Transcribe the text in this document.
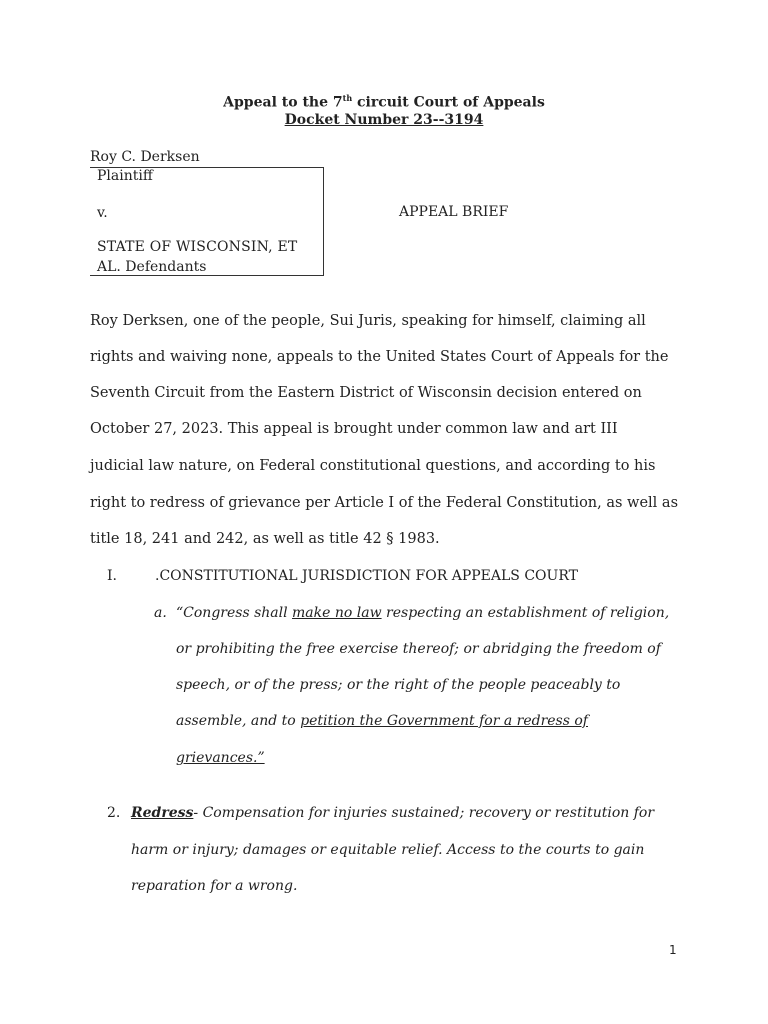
Appeal to the 7th circuit Court of Appeals
Docket Number 23--3194
Roy C. Derksen
Plaintiff
v.
STATE OF WISCONSIN, ET
AL. Defendants
APPEAL BRIEF
Roy Derksen, one of the people, Sui Juris, speaking for himself, claiming all
rights and waiving none, appeals to the United States Court of Appeals for the
Seventh Circuit from the Eastern District of Wisconsin decision entered on
October 27, 2023. This appeal is brought under common law and art III
judicial law nature, on Federal constitutional questions, and according to his
right to redress of grievance per Article I of the Federal Constitution, as well as
title 18, 241 and 242, as well as title 42 § 1983.
I.	.CONSTITUTIONAL JURISDICTION FOR APPEALS COURT
a. “Congress shall make no law respecting an establishment of religion,
or prohibiting the free exercise thereof; or abridging the freedom of
speech, or of the press; or the right of the people peaceably to
assemble, and to petition the Government for a redress of
grievances.”
2. Redress- Compensation for injuries sustained; recovery or restitution for
harm or injury; damages or equitable relief. Access to the courts to gain
reparation for a wrong.
1
